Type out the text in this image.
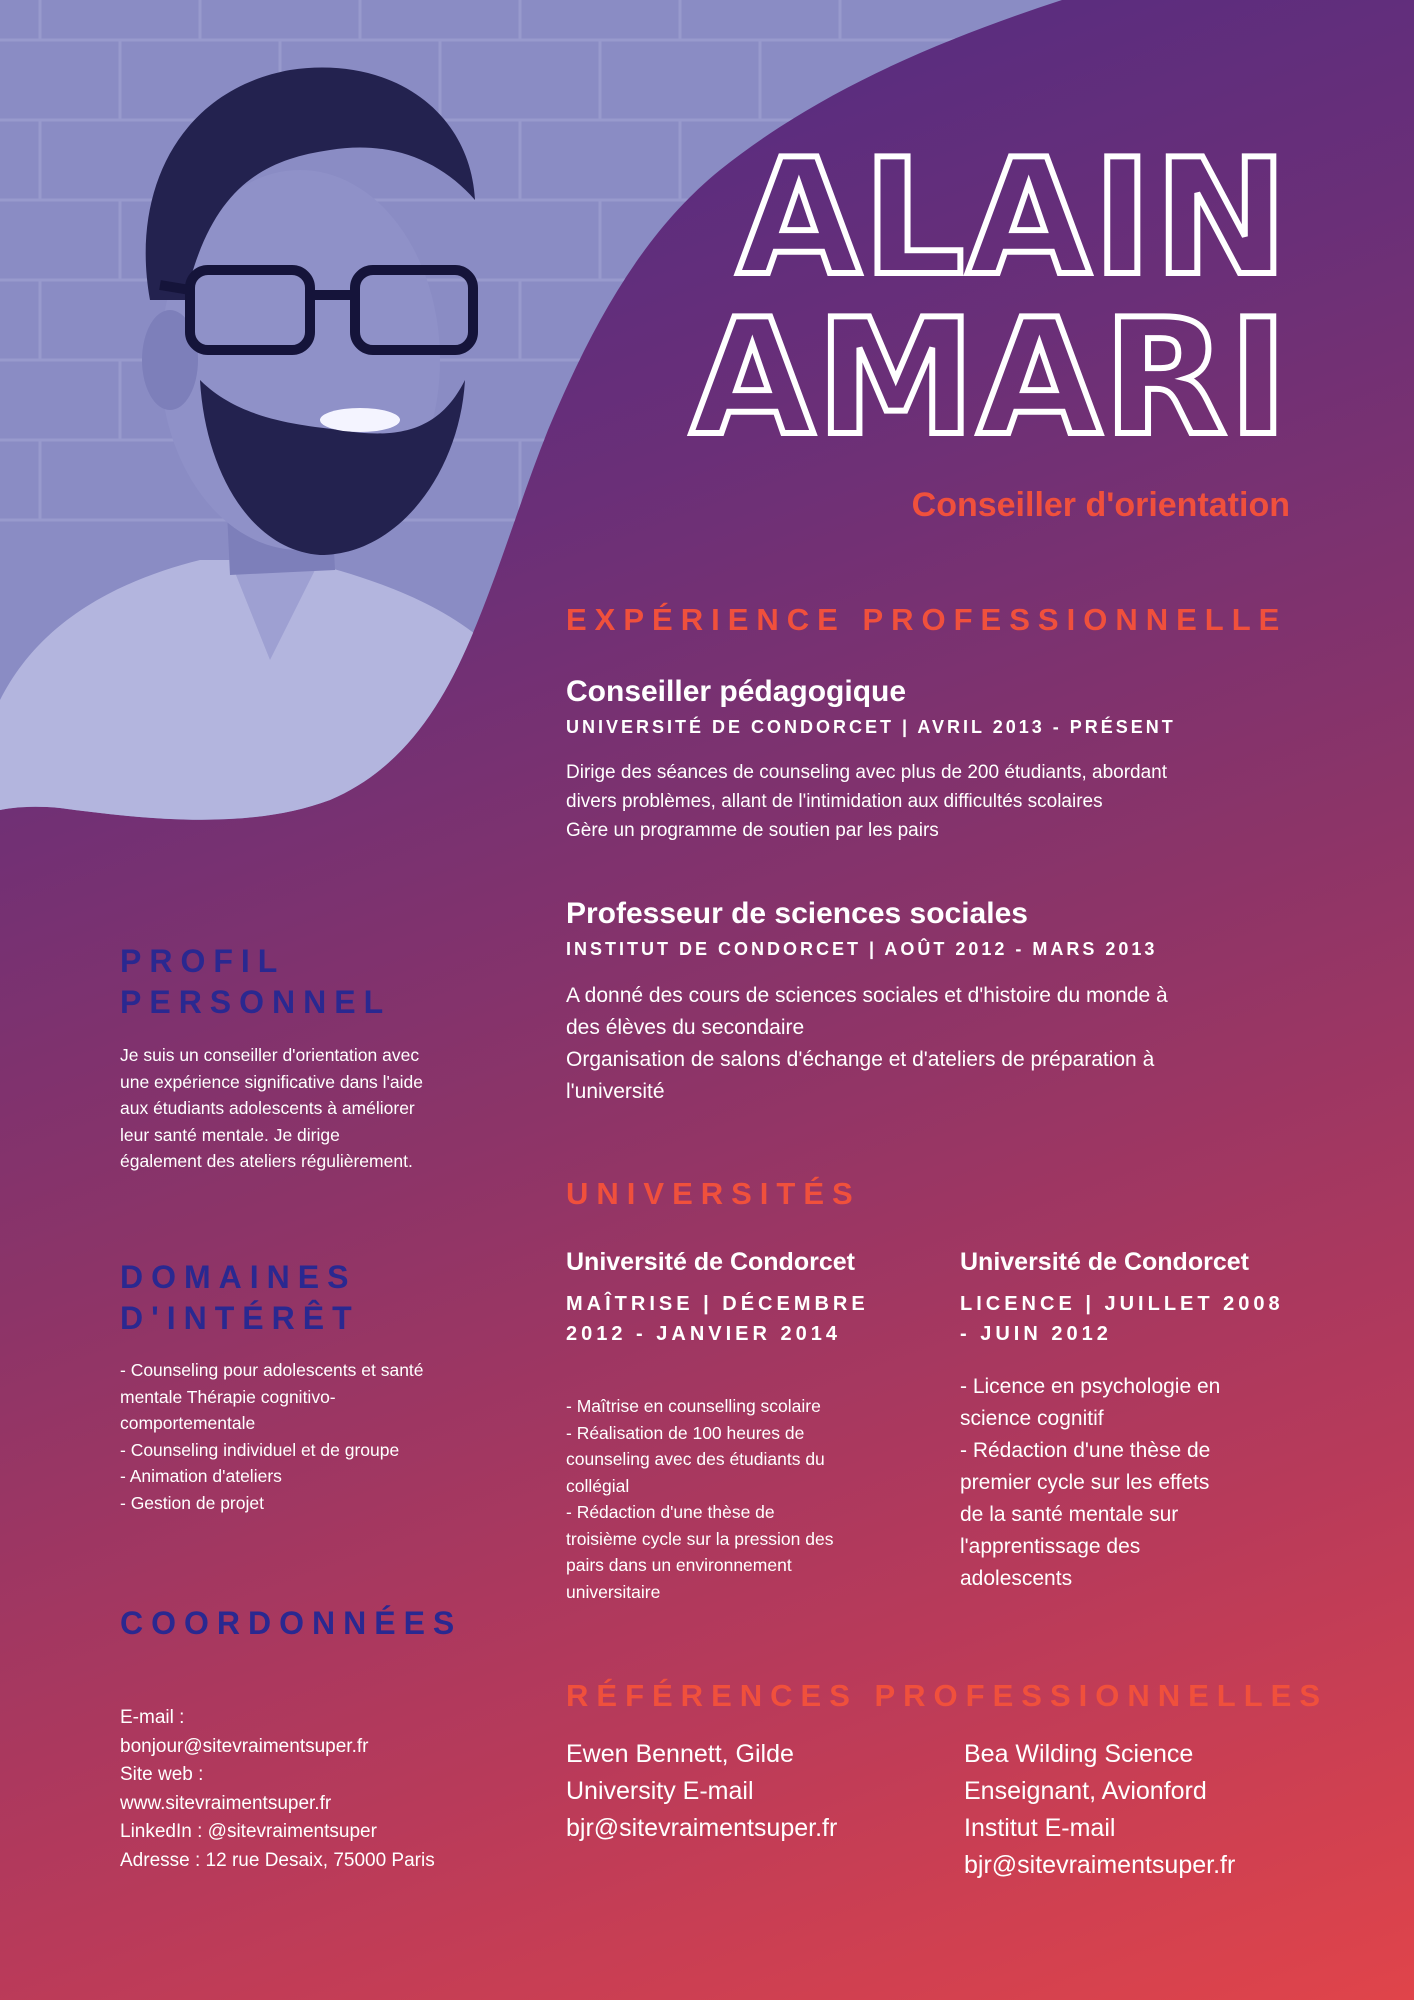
ALAIN
AMARI
Conseiller d'orientation
EXPÉRIENCE PROFESSIONNELLE
Conseiller pédagogique
UNIVERSITÉ DE CONDORCET | AVRIL 2013 - PRÉSENT
Dirige des séances de counseling avec plus de 200 étudiants, abordant
divers problèmes, allant de l'intimidation aux difficultés scolaires
Gère un programme de soutien par les pairs
Professeur de sciences sociales
INSTITUT DE CONDORCET | AOÛT 2012 - MARS 2013
A donné des cours de sciences sociales et d'histoire du monde à
des élèves du secondaire
Organisation de salons d'échange et d'ateliers de préparation à
l'université
UNIVERSITÉS
Université de Condorcet
MAÎTRISE | DÉCEMBRE 2012 - JANVIER 2014
- Maîtrise en counselling scolaire
- Réalisation de 100 heures de
counseling avec des étudiants du
collégial
- Rédaction d'une thèse de
troisième cycle sur la pression des
pairs dans un environnement
universitaire
Université de Condorcet
LICENCE | JUILLET 2008 - JUIN 2012
- Licence en psychologie en
science cognitif
- Rédaction d'une thèse de
premier cycle sur les effets
de la santé mentale sur
l'apprentissage des
adolescents
RÉFÉRENCES PROFESSIONNELLES
Ewen Bennett, Gilde
University E-mail
bjr@sitevraimentsuper.fr
Bea Wilding Science
Enseignant, Avionford
Institut E-mail
bjr@sitevraimentsuper.fr
PROFIL PERSONNEL
Je suis un conseiller d'orientation avec
une expérience significative dans l'aide
aux étudiants adolescents à améliorer
leur santé mentale. Je dirige
également des ateliers régulièrement.
DOMAINES D'INTÉRÊT
- Counseling pour adolescents et santé
mentale Thérapie cognitivo-
comportementale
- Counseling individuel et de groupe
- Animation d'ateliers
- Gestion de projet
COORDONNÉES
E-mail :
bonjour@sitevraimentsuper.fr
Site web :
www.sitevraimentsuper.fr
LinkedIn : @sitevraimentsuper
Adresse : 12 rue Desaix, 75000 Paris
